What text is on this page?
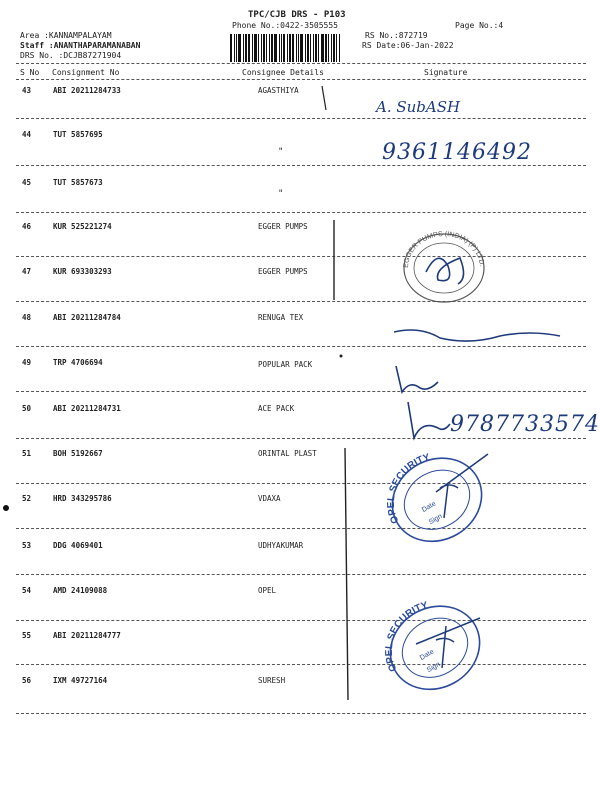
TPC/CJB DRS - P103
Phone No.:0422-3505555	Page No.:4
Area :KANNAMPALAYAM
Staff :ANANTHAPARAMANABAN
DRS No. :DCJB87271904
RS No.:872719
RS Date:06-Jan-2022
S No Consignment No	Consignee Details	Signature
43	ABI 20211284733	AGASTHIYA
44	TUT 5857695
"
45	TUT 5857673
"
46	KUR 525221274	EGGER PUMPS
47	KUR 693303293	EGGER PUMPS
48	ABI 20211284784	RENUGA TEX
49	TRP 4706694	POPULAR PACK
50	ABI 20211284731	ACE PACK
51	BOH 5192667	ORINTAL PLAST
52	HRD 343295786	VDAXA
53	DDG 4069401	UDHYAKUMAR
54	AMD 24109088	OPEL
55	ABI 20211284777
56	IXM 49727164	SURESH
A. SubASH
9361146492
9787733574
EGGER PUMPS (INDIA) (P) LTD.
OPEL SECURITY
Date
Sign
OPEL SECURITY
Date
Sign
